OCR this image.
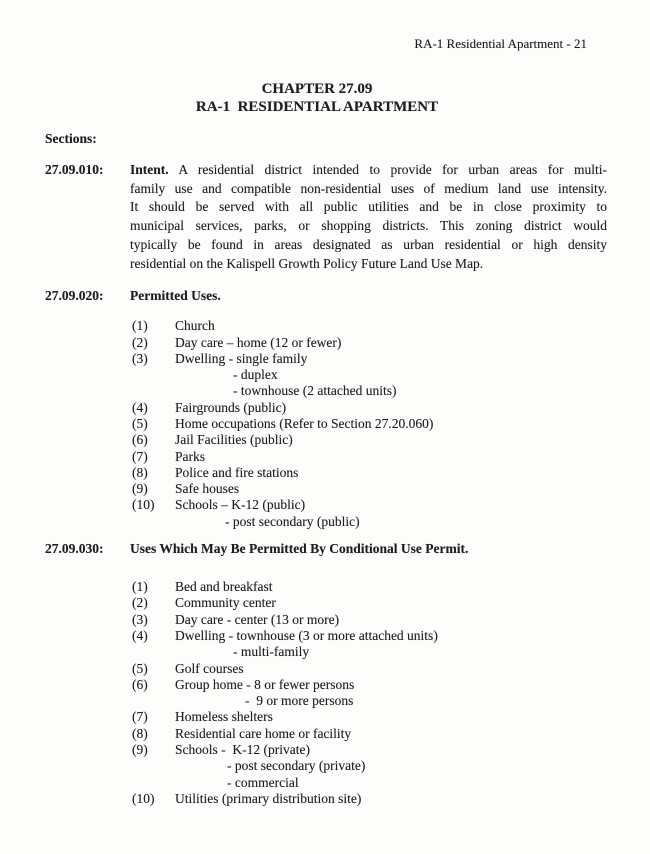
RA-1 Residential Apartment - 21
CHAPTER 27.09
RA-1  RESIDENTIAL APARTMENT
Sections:
27.09.010:	Intent. A residential district intended to provide for urban areas for multi-
family use and compatible non-residential uses of medium land use intensity.
It should be served with all public utilities and be in close proximity to
municipal services, parks, or shopping districts. This zoning district would
typically be found in areas designated as urban residential or high density
residential on the Kalispell Growth Policy Future Land Use Map.
27.09.020:	Permitted Uses.
(1)	Church
(2)	Day care – home (12 or fewer)
(3)	Dwelling - single family
- duplex
- townhouse (2 attached units)
(4)	Fairgrounds (public)
(5)	Home occupations (Refer to Section 27.20.060)
(6)	Jail Facilities (public)
(7)	Parks
(8)	Police and fire stations
(9)	Safe houses
(10)	Schools – K-12 (public)
- post secondary (public)
27.09.030:	Uses Which May Be Permitted By Conditional Use Permit.
(1)	Bed and breakfast
(2)	Community center
(3)	Day care - center (13 or more)
(4)	Dwelling - townhouse (3 or more attached units)
- multi-family
(5)	Golf courses
(6)	Group home - 8 or fewer persons
-  9 or more persons
(7)	Homeless shelters
(8)	Residential care home or facility
(9)	Schools -  K-12 (private)
- post secondary (private)
- commercial
(10)	Utilities (primary distribution site)
